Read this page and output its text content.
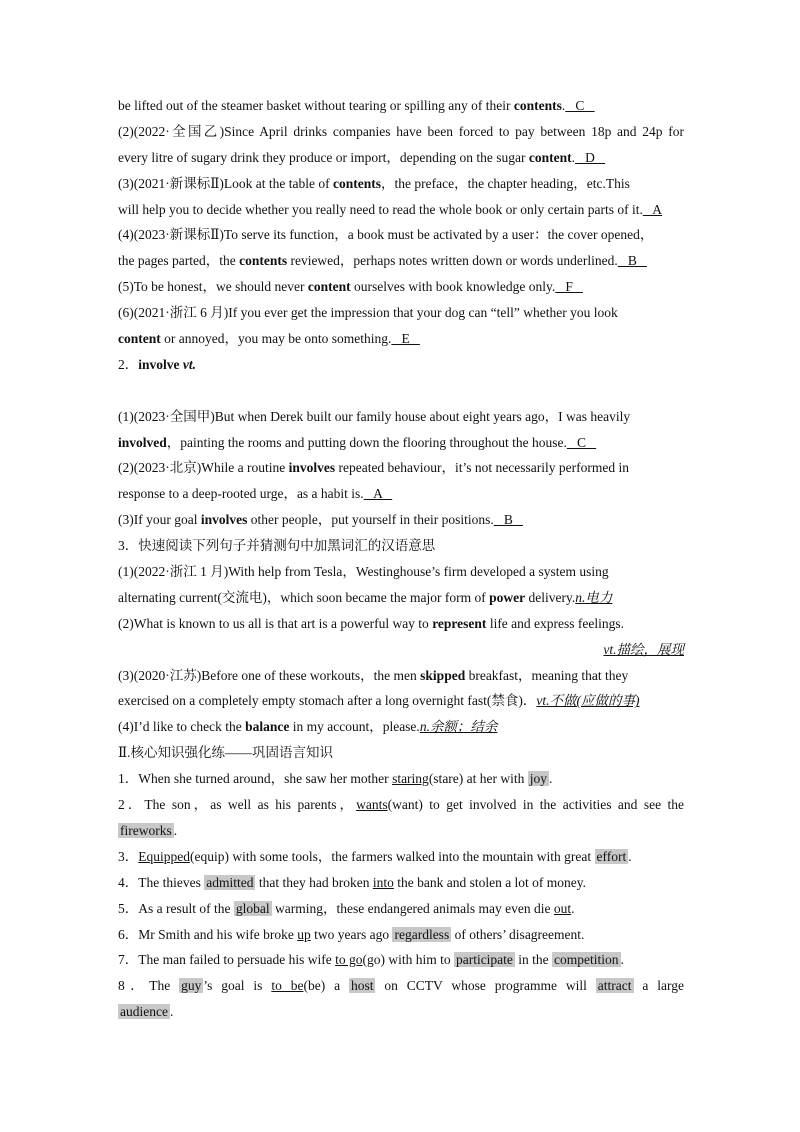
be lifted out of the steamer basket without tearing or spilling any of their contents.   C
(2)(2022·全国乙)Since April drinks companies have been forced to pay between 18p and 24p for
every litre of sugary drink they produce or import，depending on the sugar content.   D
(3)(2021·新课标Ⅱ)Look at the table of contents，the preface，the chapter heading，etc.This
will help you to decide whether you really need to read the whole book or only certain parts of it.   A
(4)(2023·新课标Ⅱ)To serve its function，a book must be activated by a user：the cover opened，
the pages parted，the contents reviewed，perhaps notes written down or words underlined.   B
(5)To be honest，we should never content ourselves with book knowledge only.   F
(6)(2021·浙江 6 月)If you ever get the impression that your dog can “tell” whether you look
content or annoyed，you may be onto something.   E
2．involve vt.
(1)(2023·全国甲)But when Derek built our family house about eight years ago，I was heavily
involved，painting the rooms and putting down the flooring throughout the house.   C
(2)(2023·北京)While a routine involves repeated behaviour，it’s not necessarily performed in
response to a deep-rooted urge，as a habit is.   A
(3)If your goal involves other people，put yourself in their positions.   B
3．快速阅读下列句子并猜测句中加黑词汇的汉语意思
(1)(2022·浙江 1 月)With help from Tesla，Westinghouse’s firm developed a system using
alternating current(交流电)，which soon became the major form of power delivery.n.电力
(2)What is known to us all is that art is a powerful way to represent life and express feelings.
vt.描绘，展现
(3)(2020·江苏)Before one of these workouts，the men skipped breakfast，meaning that they
exercised on a completely empty stomach after a long overnight fast(禁食)．vt.不做(应做的事)
(4)I’d like to check the balance in my account，please.n.余额；结余
Ⅱ.核心知识强化练——巩固语言知识
1．When she turned around，she saw her mother staring(stare) at her with joy .
2．The son，as well as his parents，wants(want) to get involved in the activities and see the
fireworks .
3．Equipped(equip) with some tools，the farmers walked into the mountain with great effort .
4．The thieves admitted that they had broken into the bank and stolen a lot of money.
5．As a result of the global warming，these endangered animals may even die out.
6．Mr Smith and his wife broke up two years ago regardless of others’ disagreement.
7．The man failed to persuade his wife to go(go) with him to participate in the competition .
8．The guy ’s goal is to be(be) a host on CCTV whose programme will attract a large
audience .
